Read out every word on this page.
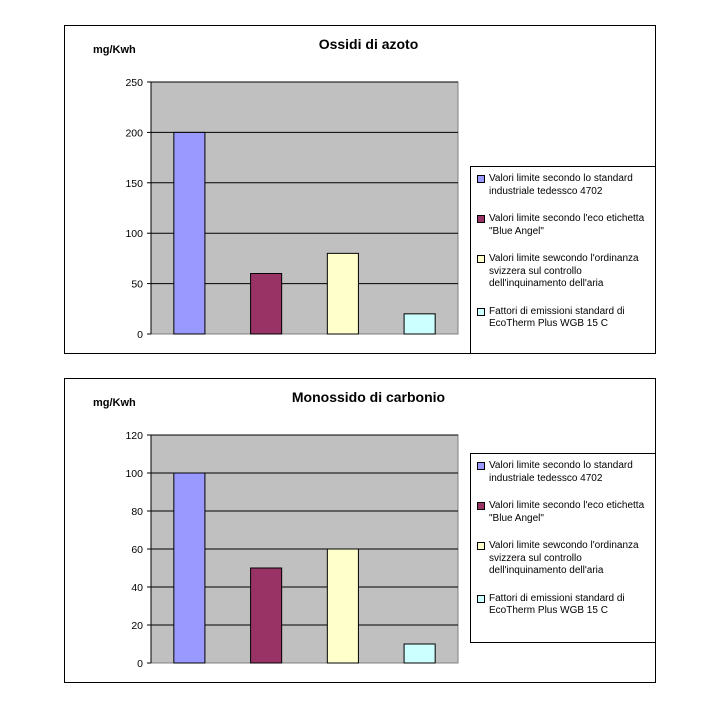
Ossidi di azoto
mg/Kwh
0
50
100
150
200
250
Valori limite secondo lo standard industriale tedessco 4702
Valori limite secondo l'eco etichetta "Blue Angel"
Valori limite sewcondo l'ordinanza svizzera sul controllo dell'inquinamento dell'aria
Fattori di emissioni standard di EcoTherm Plus WGB 15 C
Monossido di carbonio
mg/Kwh
0
20
40
60
80
100
120
Valori limite secondo lo standard industriale tedessco 4702
Valori limite secondo l'eco etichetta "Blue Angel"
Valori limite sewcondo l'ordinanza svizzera sul controllo dell'inquinamento dell'aria
Fattori di emissioni standard di EcoTherm Plus WGB 15 C
